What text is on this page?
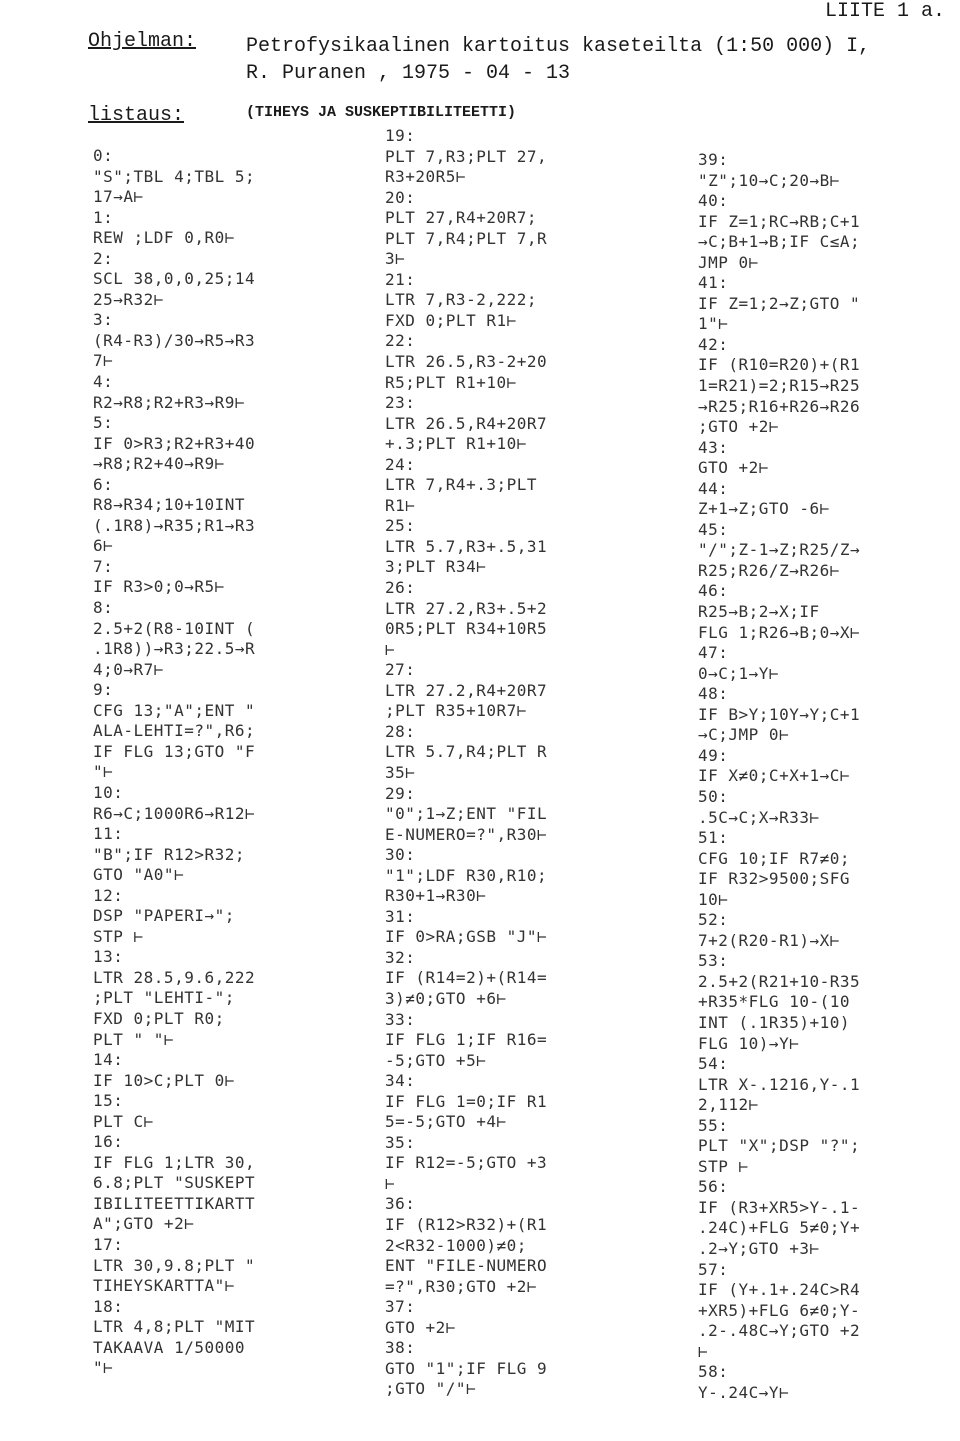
LIITE 1 a.
Ohjelman: Petrofysikaalinen kartoitus kaseteilta (1:50 000) I,
R. Puranen , 1975 - 04 - 13
listaus:	(TIHEYS JA SUSKEPTIBILITEETTI)
0:
"S";TBL 4;TBL 5;
17→A⊢
1:
REW ;LDF 0,R0⊢
2:
SCL 38,0,0,25;14
25→R32⊢
3:
(R4-R3)/30→R5→R3
7⊢
4:
R2→R8;R2+R3→R9⊢
5:
IF 0>R3;R2+R3+40
→R8;R2+40→R9⊢
6:
R8→R34;10+10INT
(.1R8)→R35;R1→R3
6⊢
7:
IF R3>0;0→R5⊢
8:
2.5+2(R8-10INT (
.1R8))→R3;22.5→R
4;0→R7⊢
9:
CFG 13;"A";ENT "
ALA-LEHTI=?",R6;
IF FLG 13;GTO "F
"⊢
10:
R6→C;1000R6→R12⊢
11:
"B";IF R12>R32;
GTO "A0"⊢
12:
DSP "PAPERI→";
STP ⊢
13:
LTR 28.5,9.6,222
;PLT "LEHTI-";
FXD 0;PLT R0;
PLT " "⊢
14:
IF 10>C;PLT 0⊢
15:
PLT C⊢
16:
IF FLG 1;LTR 30,
6.8;PLT "SUSKEPT
IBILITEETTIKARTT
A";GTO +2⊢
17:
LTR 30,9.8;PLT "
TIHEYSKARTTA"⊢
18:
LTR 4,8;PLT "MIT
TAKAAVA 1/50000
"⊢
19:
PLT 7,R3;PLT 27,
R3+20R5⊢
20:
PLT 27,R4+20R7;
PLT 7,R4;PLT 7,R
3⊢
21:
LTR 7,R3-2,222;
FXD 0;PLT R1⊢
22:
LTR 26.5,R3-2+20
R5;PLT R1+10⊢
23:
LTR 26.5,R4+20R7
+.3;PLT R1+10⊢
24:
LTR 7,R4+.3;PLT
R1⊢
25:
LTR 5.7,R3+.5,31
3;PLT R34⊢
26:
LTR 27.2,R3+.5+2
0R5;PLT R34+10R5
⊢
27:
LTR 27.2,R4+20R7
;PLT R35+10R7⊢
28:
LTR 5.7,R4;PLT R
35⊢
29:
"0";1→Z;ENT "FIL
E-NUMERO=?",R30⊢
30:
"1";LDF R30,R10;
R30+1→R30⊢
31:
IF 0>RA;GSB "J"⊢
32:
IF (R14=2)+(R14=
3)≠0;GTO +6⊢
33:
IF FLG 1;IF R16=
-5;GTO +5⊢
34:
IF FLG 1=0;IF R1
5=-5;GTO +4⊢
35:
IF R12=-5;GTO +3
⊢
36:
IF (R12>R32)+(R1
2<R32-1000)≠0;
ENT "FILE-NUMERO
=?",R30;GTO +2⊢
37:
GTO +2⊢
38:
GTO "1";IF FLG 9
;GTO "/"⊢
39:
"Z";10→C;20→B⊢
40:
IF Z=1;RC→RB;C+1
→C;B+1→B;IF C≤A;
JMP 0⊢
41:
IF Z=1;2→Z;GTO "
1"⊢
42:
IF (R10=R20)+(R1
1=R21)=2;R15→R25
→R25;R16+R26→R26
;GTO +2⊢
43:
GTO +2⊢
44:
Z+1→Z;GTO -6⊢
45:
"/";Z-1→Z;R25/Z→
R25;R26/Z→R26⊢
46:
R25→B;2→X;IF
FLG 1;R26→B;0→X⊢
47:
0→C;1→Y⊢
48:
IF B>Y;10Y→Y;C+1
→C;JMP 0⊢
49:
IF X≠0;C+X+1→C⊢
50:
.5C→C;X→R33⊢
51:
CFG 10;IF R7≠0;
IF R32>9500;SFG
10⊢
52:
7+2(R20-R1)→X⊢
53:
2.5+2(R21+10-R35
+R35*FLG 10-(10
INT (.1R35)+10)
FLG 10)→Y⊢
54:
LTR X-.1216,Y-.1
2,112⊢
55:
PLT "X";DSP "?";
STP ⊢
56:
IF (R3+XR5>Y-.1-
.24C)+FLG 5≠0;Y+
.2→Y;GTO +3⊢
57:
IF (Y+.1+.24C>R4
+XR5)+FLG 6≠0;Y-
.2-.48C→Y;GTO +2
⊢
58:
Y-.24C→Y⊢
